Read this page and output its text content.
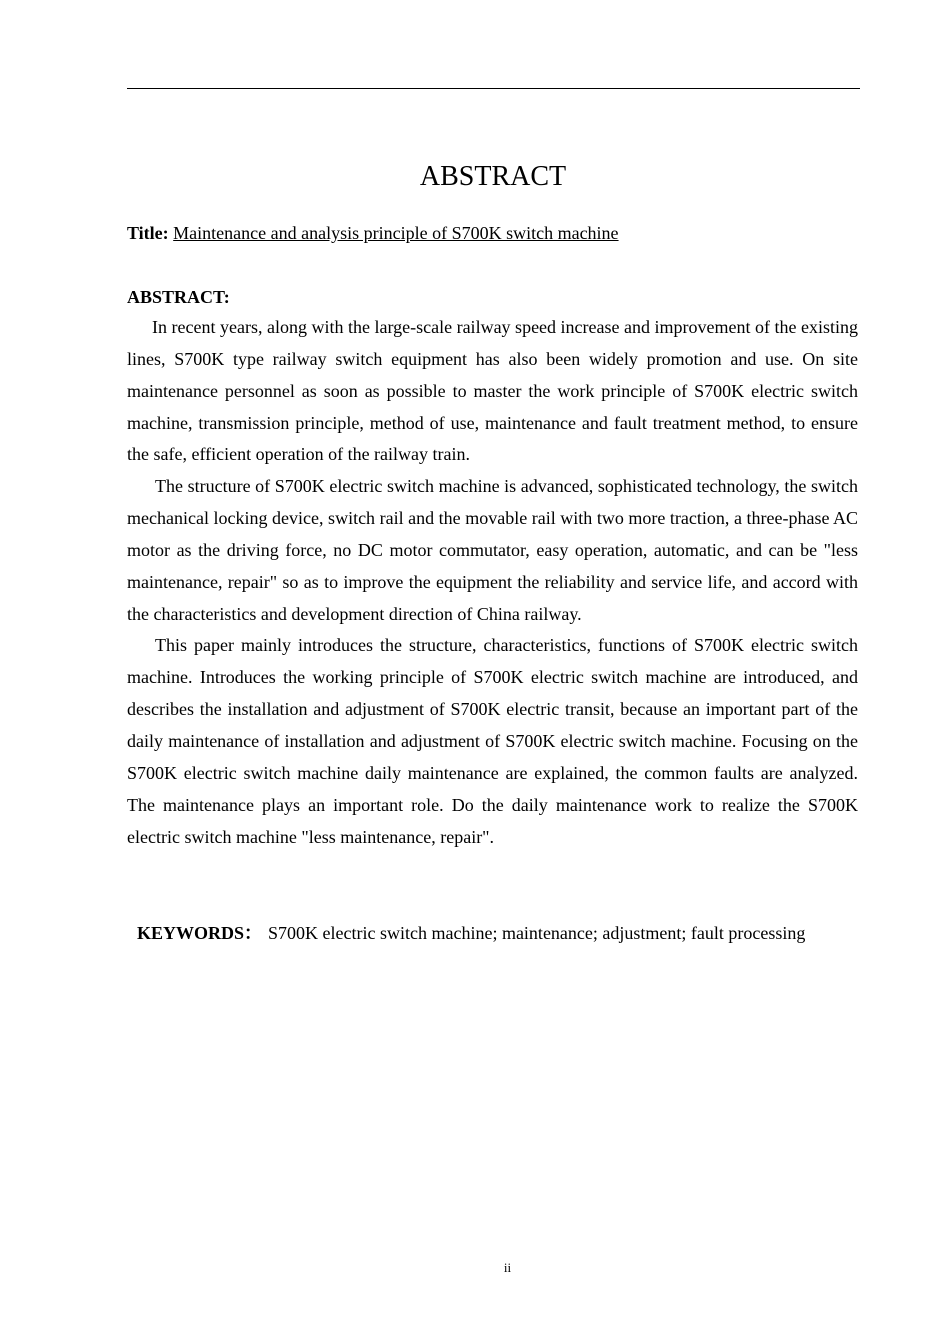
ABSTRACT
Title: Maintenance and analysis principle of S700K switch machine
ABSTRACT:

In recent years, along with the large-scale railway speed increase and improvement of the existing lines, S700K type railway switch equipment has also been widely promotion and use. On site maintenance personnel as soon as possible to master the work principle of S700K electric switch machine, transmission principle, method of use, maintenance and fault treatment method, to ensure the safe, efficient operation of the railway train.

The structure of S700K electric switch machine is advanced, sophisticated technology, the switch mechanical locking device, switch rail and the movable rail with two more traction, a three-phase AC motor as the driving force, no DC motor commutator, easy operation, automatic, and can be "less maintenance, repair" so as to improve the equipment the reliability and service life, and accord with the characteristics and development direction of China railway.

This paper mainly introduces the structure, characteristics, functions of S700K electric switch machine. Introduces the working principle of S700K electric switch machine are introduced, and describes the installation and adjustment of S700K electric transit, because an important part of the daily maintenance of installation and adjustment of S700K electric switch machine. Focusing on the S700K electric switch machine daily maintenance are explained, the common faults are analyzed. The maintenance plays an important role. Do the daily maintenance work to realize the S700K electric switch machine "less maintenance, repair".

KEYWORDS： S700K electric switch machine; maintenance; adjustment; fault processing
ii
